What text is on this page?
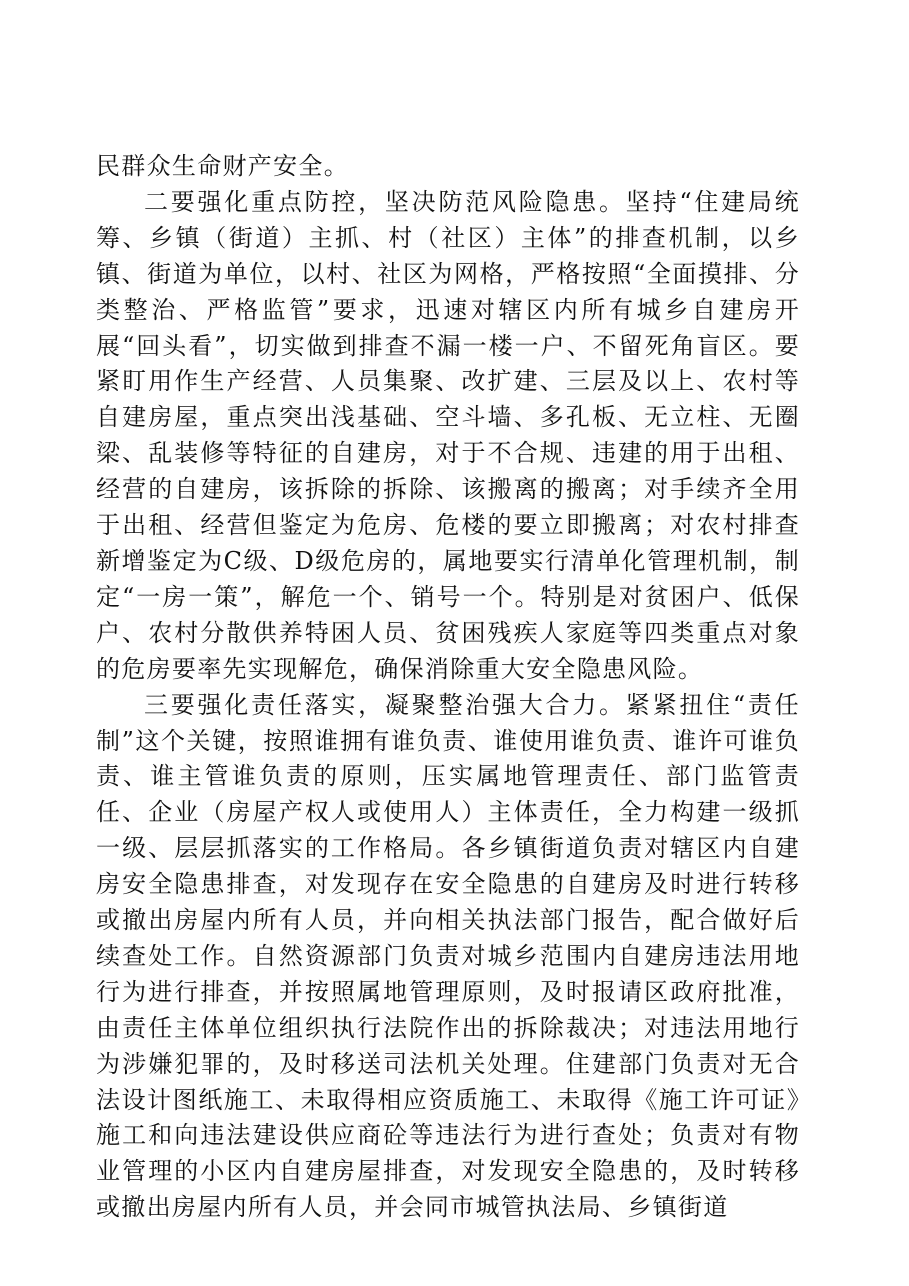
民群众生命财产安全。

二要强化重点防控，坚决防范风险隐患。坚持“住建局统筹、乡镇（街道）主抓、村（社区）主体”的排查机制，以乡镇、街道为单位，以村、社区为网格，严格按照“全面摸排、分类整治、严格监管”要求，迅速对辖区内所有城乡自建房开展“回头看”，切实做到排查不漏一楼一户、不留死角盲区。要紧盯用作生产经营、人员集聚、改扩建、三层及以上、农村等自建房屋，重点突出浅基础、空斗墙、多孔板、无立柱、无圈梁、乱装修等特征的自建房，对于不合规、违建的用于出租、经营的自建房，该拆除的拆除、该搬离的搬离；对手续齐全用于出租、经营但鉴定为危房、危楼的要立即搬离；对农村排查新增鉴定为C级、D级危房的，属地要实行清单化管理机制，制定“一房一策”，解危一个、销号一个。特别是对贫困户、低保户、农村分散供养特困人员、贫困残疾人家庭等四类重点对象的危房要率先实现解危，确保消除重大安全隐患风险。

三要强化责任落实，凝聚整治强大合力。紧紧扭住“责任制”这个关键，按照谁拥有谁负责、谁使用谁负责、谁许可谁负责、谁主管谁负责的原则，压实属地管理责任、部门监管责任、企业（房屋产权人或使用人）主体责任，全力构建一级抓一级、层层抓落实的工作格局。各乡镇街道负责对辖区内自建房安全隐患排查，对发现存在安全隐患的自建房及时进行转移或撤出房屋内所有人员，并向相关执法部门报告，配合做好后续查处工作。自然资源部门负责对城乡范围内自建房违法用地行为进行排查，并按照属地管理原则，及时报请区政府批准，由责任主体单位组织执行法院作出的拆除裁决；对违法用地行为涉嫌犯罪的，及时移送司法机关处理。住建部门负责对无合法设计图纸施工、未取得相应资质施工、未取得《施工许可证》施工和向违法建设供应商砼等违法行为进行查处；负责对有物业管理的小区内自建房屋排查，对发现安全隐患的，及时转移或撤出房屋内所有人员，并会同市城管执法局、乡镇街道
